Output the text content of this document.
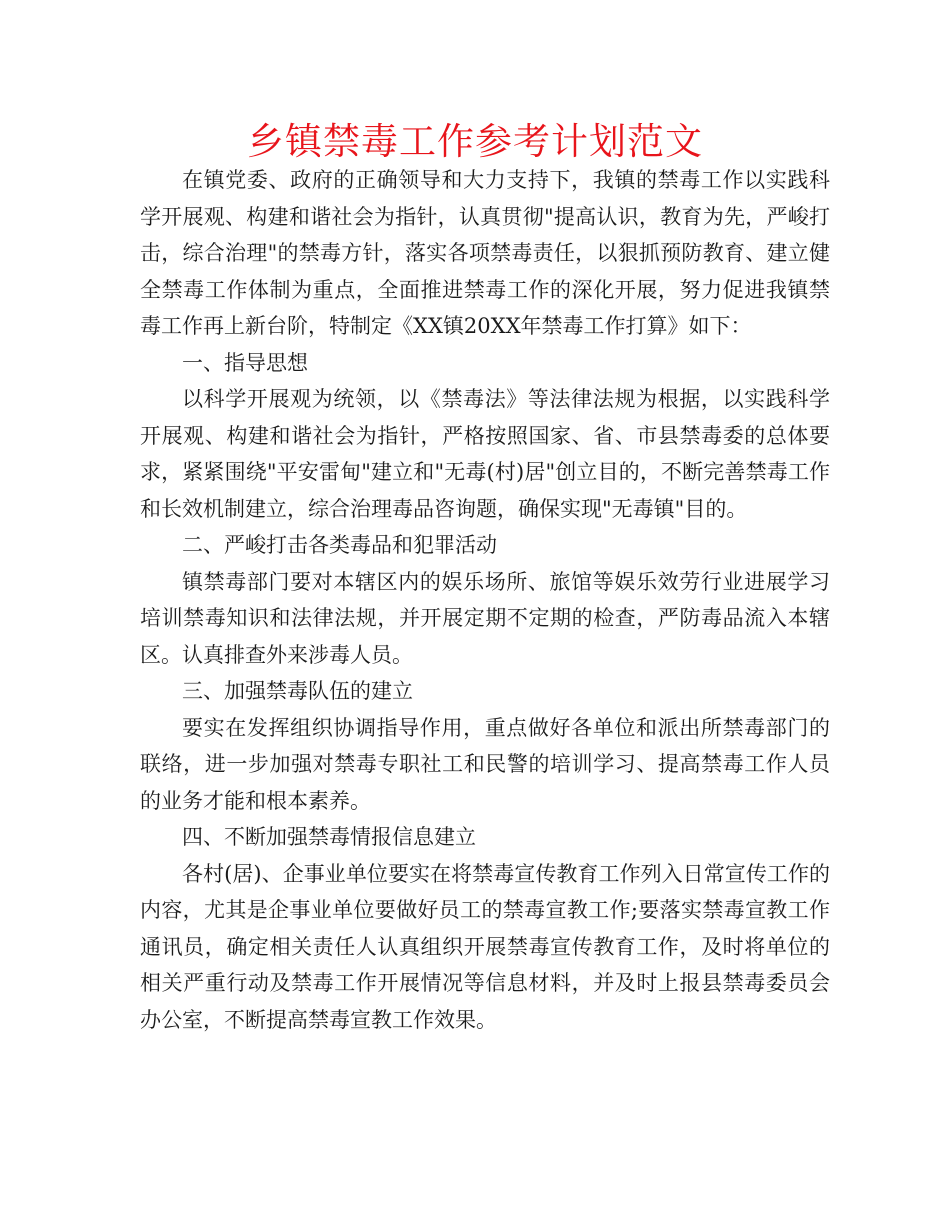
乡镇禁毒工作参考计划范文

在镇党委、政府的正确领导和大力支持下，我镇的禁毒工作以实践科学开展观、构建和谐社会为指针，认真贯彻"提高认识，教育为先，严峻打击，综合治理"的禁毒方针，落实各项禁毒责任，以狠抓预防教育、建立健全禁毒工作体制为重点，全面推进禁毒工作的深化开展，努力促进我镇禁毒工作再上新台阶，特制定《XX镇20XX年禁毒工作打算》如下：

一、指导思想

以科学开展观为统领，以《禁毒法》等法律法规为根据，以实践科学开展观、构建和谐社会为指针，严格按照国家、省、市县禁毒委的总体要求，紧紧围绕"平安雷甸"建立和"无毒(村)居"创立目的，不断完善禁毒工作和长效机制建立，综合治理毒品咨询题，确保实现"无毒镇"目的。

二、严峻打击各类毒品和犯罪活动

镇禁毒部门要对本辖区内的娱乐场所、旅馆等娱乐效劳行业进展学习培训禁毒知识和法律法规，并开展定期不定期的检查，严防毒品流入本辖区。认真排查外来涉毒人员。

三、加强禁毒队伍的建立

要实在发挥组织协调指导作用，重点做好各单位和派出所禁毒部门的联络，进一步加强对禁毒专职社工和民警的培训学习、提高禁毒工作人员的业务才能和根本素养。

四、不断加强禁毒情报信息建立

各村(居)、企事业单位要实在将禁毒宣传教育工作列入日常宣传工作的内容，尤其是企事业单位要做好员工的禁毒宣教工作;要落实禁毒宣教工作通讯员，确定相关责任人认真组织开展禁毒宣传教育工作，及时将单位的相关严重行动及禁毒工作开展情况等信息材料，并及时上报县禁毒委员会办公室，不断提高禁毒宣教工作效果。
